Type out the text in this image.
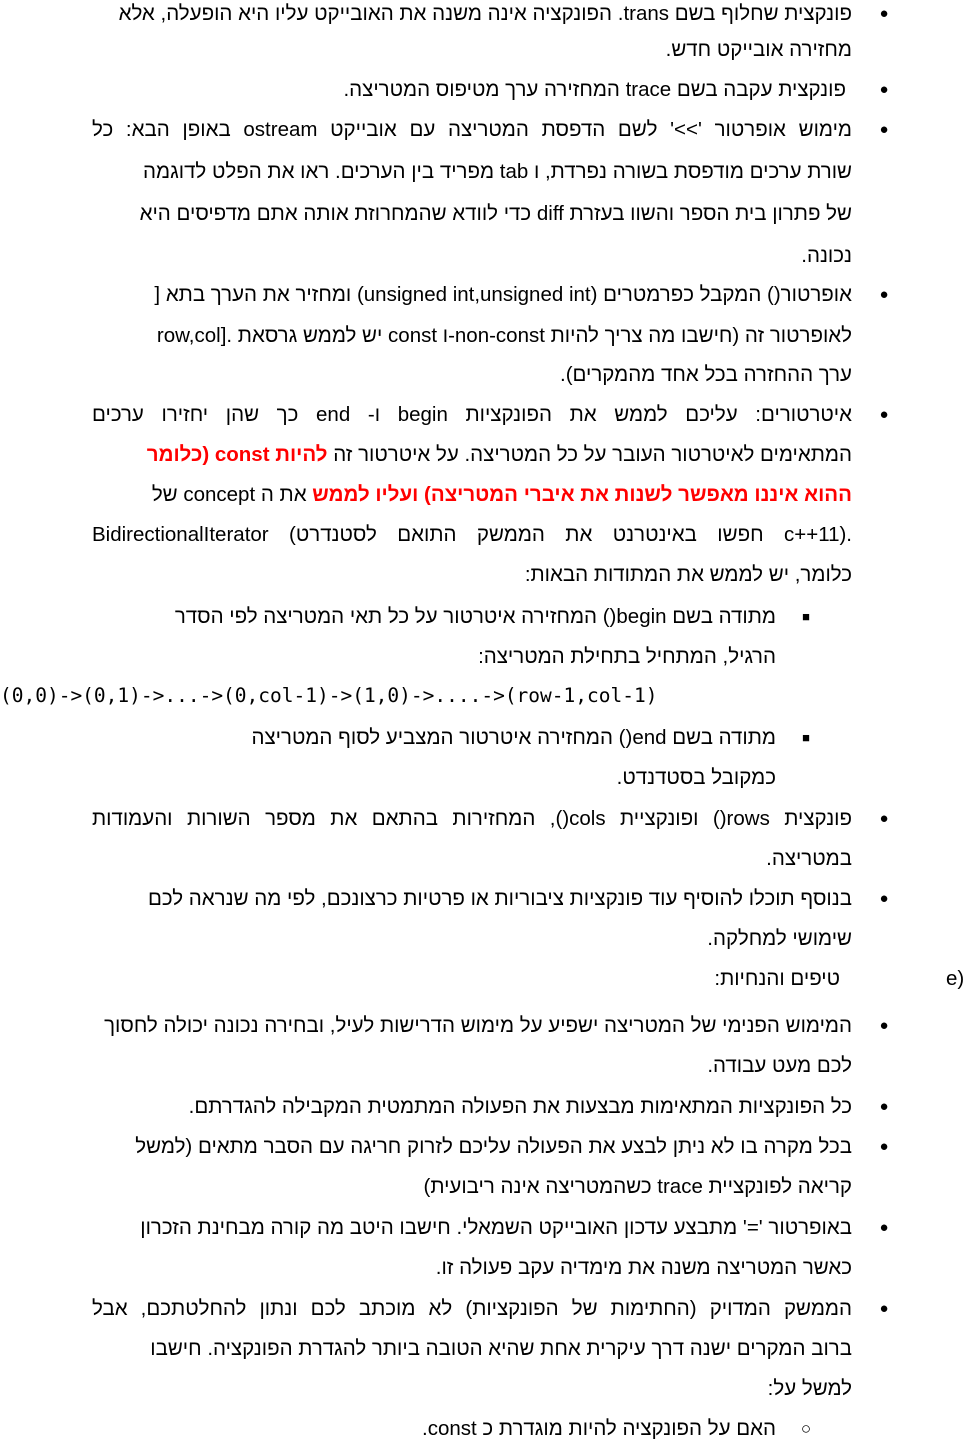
●
פונקצית שחלוף בשם trans. הפונקציה אינה משנה את האובייקט עליו היא הופעלה, אלא
מחזירה אובייקט חדש.
●
פונקצית עקבה בשם trace המחזירה ערך מטיפוס המטריצה.
●
מימוש אופרטור '>>' לשם הדפסת המטריצה עם אובייקט ostream באופן הבא: כל
שורת ערכים מודפסת בשורה נפרדת, ו tab מפריד בין הערכים. ראו את הפלט לדוגמה
של פתרון בית הספר והשוו בעזרת diff כדי לוודא שהמחרוזת אותה אתם מדפיסים היא
נכונה.
●
אופרטור() המקבל כפרמטרים (unsigned int,unsigned int) ומחזיר את הערך בתא [
row,col]. יש לממש גרסאת const ו-non-const לאופרטור זה (חישבו מה צריך להיות
ערך ההחזרה בכל אחד מהמקרים).
●
איטרטורים: עליכם לממש את הפונקציות begin ו- end כך שהן יחזירו ערכים
המתאימים לאיטרטור העובר על כל המטריצה. על איטרטור זה להיות const (כלומר
ההוא איננו מאפשר לשנות את איברי המטריצה) ועליו לממש את ה concept של
BidirectionalIterator (חפשו באינטרנט את הממשק התואם לסטנדרט c++11).
כלומר, יש לממש את המתודות הבאות:
■
מתודה בשם begin() המחזירה איטרטור על כל תאי המטריצה לפי הסדר
הרגיל, המתחיל בתחילת המטריצה:
(0,0)->(0,1)->...->(0,col-1)->(1,0)->....->(row-1,col-1)
■
מתודה בשם end() המחזירה איטרטור המצביע לסוף המטריצה
כמקובל בסטדנדט.
●
פונקצית rows() ופונקציית cols(), המחזירות בהתאם את מספר השורות והעמודות
במטריצה.
●
בנוסף תוכלו להוסיף עוד פונקציות ציבוריות או פרטיות כרצונכם, לפי מה שנראה לכם
שימושי למחלקה.
e)
טיפים והנחיות:
●
המימוש הפנימי של המטריצה ישפיע על מימוש הדרישות לעיל, ובחירה נכונה יכולה לחסוך
לכם מעט עבודה.
●
כל הפונקציות המתאימות מבצעות את הפעולה המתמטית המקבילה להגדרתם.
●
בכל מקרה בו לא ניתן לבצע את הפעולה עליכם לזרוק חריגה עם הסבר מתאים (למשל
קריאה לפונקציית trace כשהמטריצה אינה ריבועית)
●
באופרטור '=' מתבצע עדכון האובייקט השמאלי. חישבו היטב מה קורה מבחינת הזכרון
כאשר המטריצה משנה את מימדיה עקב פעולה זו.
●
הממשק המדויק (החתימות של הפונקציות) לא מוכתב לכם ונתון להחלטתכם, אבל
ברוב המקרים ישנה דרך עיקרית אחת שהיא הטובה ביותר להגדרת הפונקציה. חישבו
למשל על:
○
האם על הפונקציה להיות מוגדרת כ const.
